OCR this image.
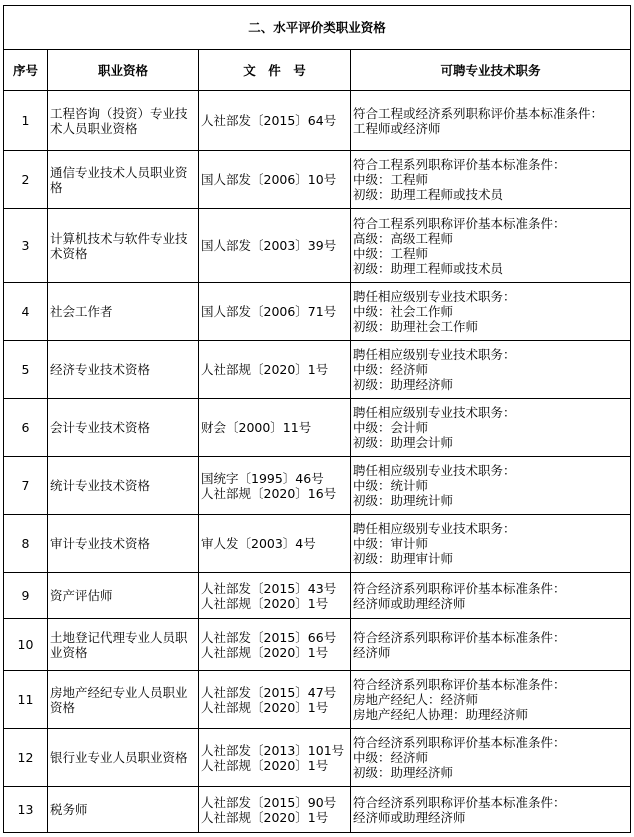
二、水平评价类职业资格			
序号	职业资格	文　件　号	可聘专业技术职务
1	工程咨询（投资）专业技术人员职业资格	人社部发〔2015〕64号	符合工程或经济系列职称评价基本标准条件：
工程师或经济师

2	通信专业技术人员职业资格	国人部发〔2006〕10号	符合工程系列职称评价基本标准条件：
中级：工程师
初级：助理工程师或技术员

3	计算机技术与软件专业技术资格	国人部发〔2003〕39号	符合工程系列职称评价基本标准条件：
高级：高级工程师
中级：工程师
初级：助理工程师或技术员

4	社会工作者	国人部发〔2006〕71号	聘任相应级别专业技术职务：
中级：社会工作师
初级：助理社会工作师

5	经济专业技术资格	人社部规〔2020〕1号	聘任相应级别专业技术职务：
中级：经济师
初级：助理经济师

6	会计专业技术资格	财会〔2000〕11号	聘任相应级别专业技术职务：
中级：会计师
初级：助理会计师

7	统计专业技术资格	国统字〔1995〕46号
人社部规〔2020〕16号	聘任相应级别专业技术职务：
中级：统计师
初级：助理统计师

8	审计专业技术资格	审人发〔2003〕4号	聘任相应级别专业技术职务：
中级：审计师
初级：助理审计师

9	资产评估师	人社部发〔2015〕43号
人社部规〔2020〕1号	符合经济系列职称评价基本标准条件：
经济师或助理经济师

10	土地登记代理专业人员职业资格	人社部发〔2015〕66号
人社部规〔2020〕1号	符合经济系列职称评价基本标准条件：
经济师

11	房地产经纪专业人员职业资格	人社部发〔2015〕47号
人社部规〔2020〕1号	符合经济系列职称评价基本标准条件：
房地产经纪人：经济师
房地产经纪人协理：助理经济师

12	银行业专业人员职业资格	人社部发〔2013〕101号
人社部规〔2020〕1号	符合经济系列职称评价基本标准条件：
中级：经济师
初级：助理经济师

13	税务师	人社部发〔2015〕90号
人社部规〔2020〕1号	符合经济系列职称评价基本标准条件：
经济师或助理经济师
